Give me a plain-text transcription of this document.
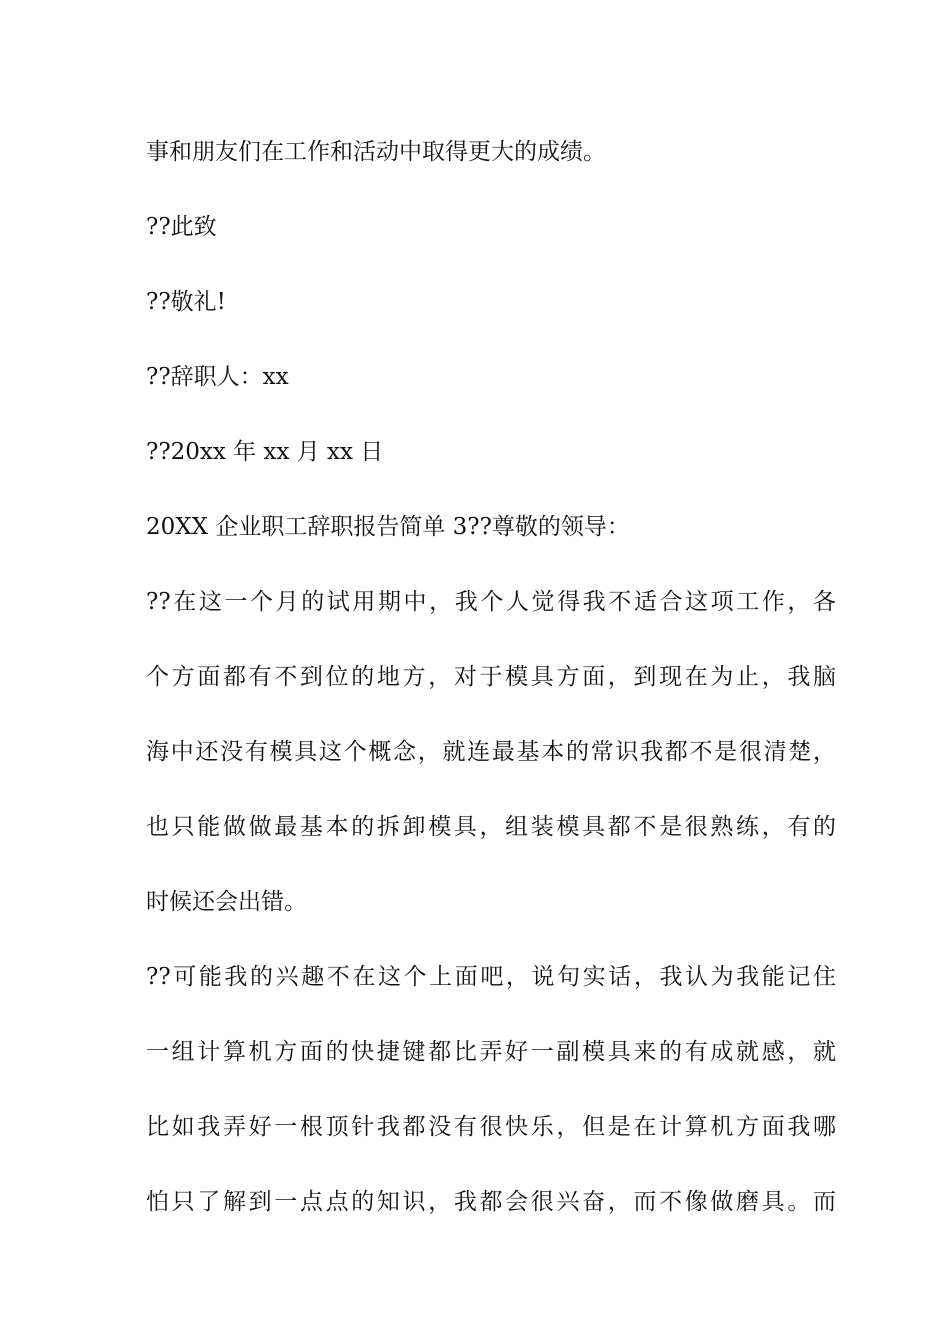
事和朋友们在工作和活动中取得更大的成绩。
??此致
??敬礼!
??辞职人：xx
??20xx 年 xx 月 xx 日
20XX 企业职工辞职报告简单 3??尊敬的领导：
??在这一个月的试用期中，我个人觉得我不适合这项工作，各
个方面都有不到位的地方，对于模具方面，到现在为止，我脑
海中还没有模具这个概念，就连最基本的常识我都不是很清楚，
也只能做做最基本的拆卸模具，组装模具都不是很熟练，有的
时候还会出错。
??可能我的兴趣不在这个上面吧，说句实话，我认为我能记住
一组计算机方面的快捷键都比弄好一副模具来的有成就感，就
比如我弄好一根顶针我都没有很快乐，但是在计算机方面我哪
怕只了解到一点点的知识，我都会很兴奋，而不像做磨具。而
